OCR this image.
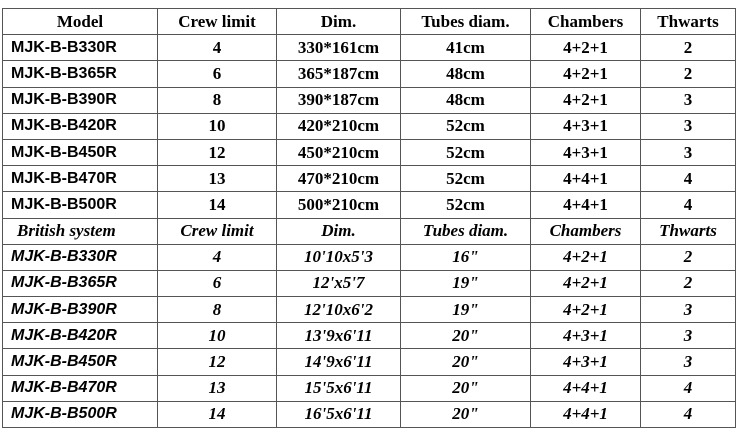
Model	Crew limit	Dim.	Tubes diam.	Chambers	Thwarts
MJK-B-B330R	4	330*161cm	41cm	4+2+1	2
MJK-B-B365R	6	365*187cm	48cm	4+2+1	2
MJK-B-B390R	8	390*187cm	48cm	4+2+1	3
MJK-B-B420R	10	420*210cm	52cm	4+3+1	3
MJK-B-B450R	12	450*210cm	52cm	4+3+1	3
MJK-B-B470R	13	470*210cm	52cm	4+4+1	4
MJK-B-B500R	14	500*210cm	52cm	4+4+1	4
British system	Crew limit	Dim.	Tubes diam.	Chambers	Thwarts
MJK-B-B330R	4	10'10x5'3	16"	4+2+1	2
MJK-B-B365R	6	12'x5'7	19"	4+2+1	2
MJK-B-B390R	8	12'10x6'2	19"	4+2+1	3
MJK-B-B420R	10	13'9x6'11	20"	4+3+1	3
MJK-B-B450R	12	14'9x6'11	20"	4+3+1	3
MJK-B-B470R	13	15'5x6'11	20"	4+4+1	4
MJK-B-B500R	14	16'5x6'11	20"	4+4+1	4
